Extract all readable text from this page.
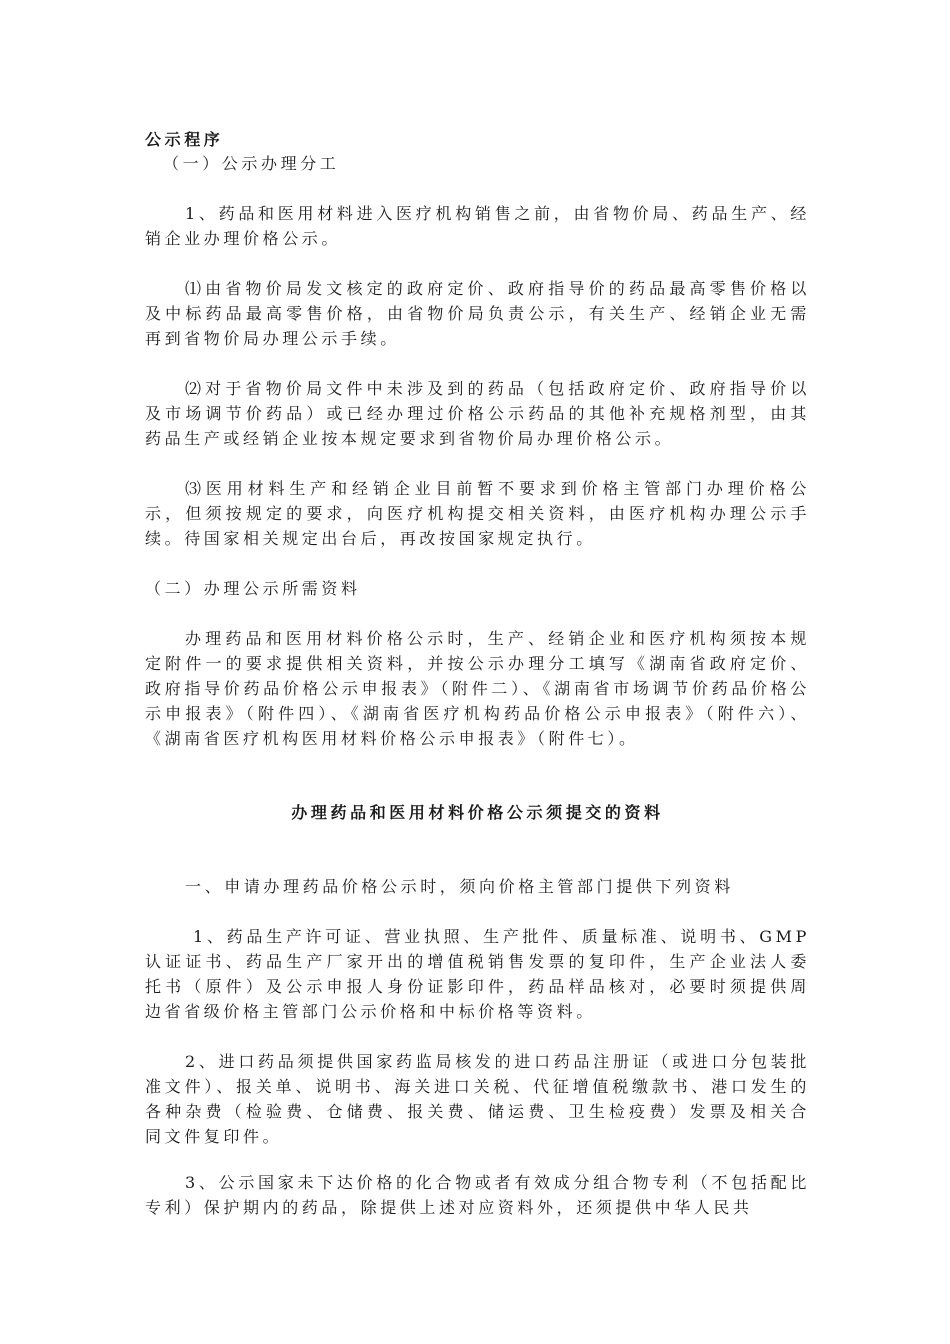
公示程序

（一）公示办理分工

1、药品和医用材料进入医疗机构销售之前，由省物价局、药品生产、经销企业办理价格公示。

⑴由省物价局发文核定的政府定价、政府指导价的药品最高零售价格以及中标药品最高零售价格，由省物价局负责公示，有关生产、经销企业无需再到省物价局办理公示手续。

⑵对于省物价局文件中未涉及到的药品（包括政府定价、政府指导价以及市场调节价药品）或已经办理过价格公示药品的其他补充规格剂型，由其药品生产或经销企业按本规定要求到省物价局办理价格公示。

⑶医用材料生产和经销企业目前暂不要求到价格主管部门办理价格公示，但须按规定的要求，向医疗机构提交相关资料，由医疗机构办理公示手续。待国家相关规定出台后，再改按国家规定执行。

（二）办理公示所需资料

办理药品和医用材料价格公示时，生产、经销企业和医疗机构须按本规定附件一的要求提供相关资料，并按公示办理分工填写《湖南省政府定价、政府指导价药品价格公示申报表》（附件二）、《湖南省市场调节价药品价格公示申报表》（附件四）、《湖南省医疗机构药品价格公示申报表》（附件六）、《湖南省医疗机构医用材料价格公示申报表》（附件七）。

办理药品和医用材料价格公示须提交的资料

一、申请办理药品价格公示时，须向价格主管部门提供下列资料

1、药品生产许可证、营业执照、生产批件、质量标准、说明书、GMP认证证书、药品生产厂家开出的增值税销售发票的复印件，生产企业法人委托书（原件）及公示申报人身份证影印件，药品样品核对，必要时须提供周边省省级价格主管部门公示价格和中标价格等资料。

2、进口药品须提供国家药监局核发的进口药品注册证（或进口分包装批准文件）、报关单、说明书、海关进口关税、代征增值税缴款书、港口发生的各种杂费（检验费、仓储费、报关费、储运费、卫生检疫费）发票及相关合同文件复印件。

3、公示国家未下达价格的化合物或者有效成分组合物专利（不包括配比专利）保护期内的药品，除提供上述对应资料外，还须提供中华人民共
